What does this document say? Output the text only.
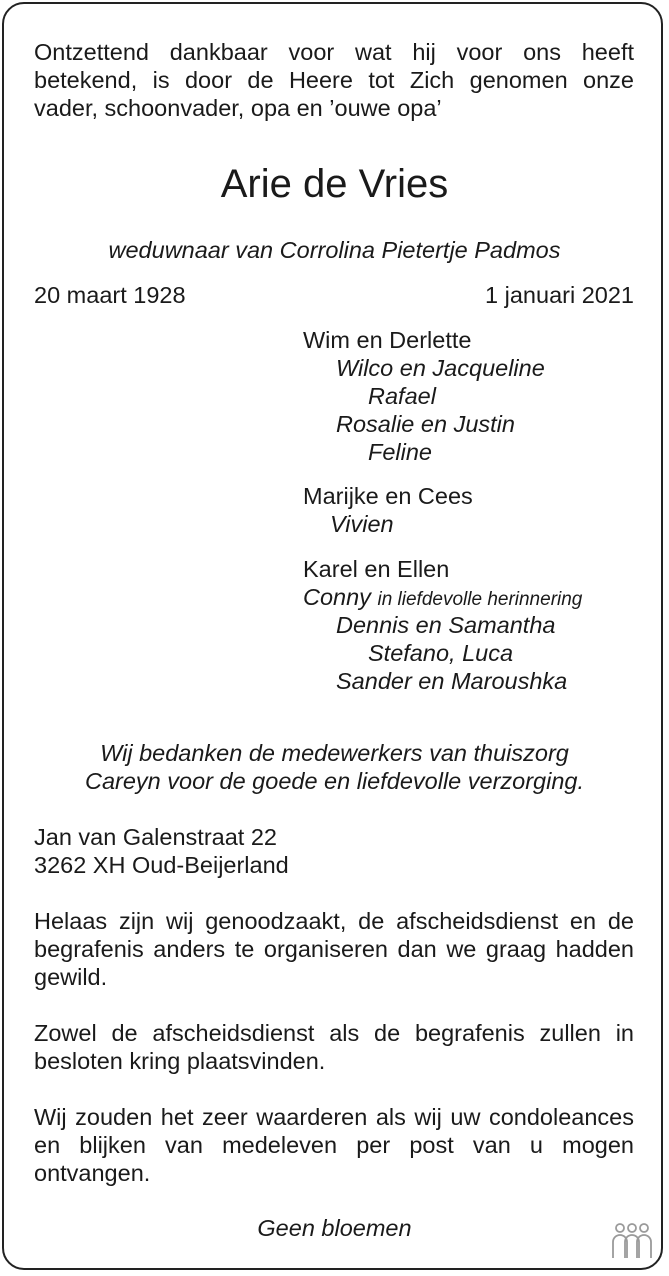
Ontzettend dankbaar voor wat hij voor ons heeft
betekend, is door de Heere tot Zich genomen onze
vader, schoonvader, opa en ’ouwe opa’
Arie de Vries
weduwnaar van Corrolina Pietertje Padmos
20 maart 1928	1 januari 2021
Wim en Derlette
Wilco en Jacqueline
Rafael
Rosalie en Justin
Feline
Marijke en Cees
Vivien
Karel en Ellen
Conny in liefdevolle herinnering
Dennis en Samantha
Stefano, Luca
Sander en Maroushka
Wij bedanken de medewerkers van thuiszorg
Careyn voor de goede en liefdevolle verzorging.
Jan van Galenstraat 22
3262 XH Oud-Beijerland
Helaas zijn wij genoodzaakt, de afscheidsdienst en de begrafenis anders te organiseren dan we graag hadden gewild.
Zowel de afscheidsdienst als de begrafenis zullen in besloten kring plaatsvinden.
Wij zouden het zeer waarderen als wij uw condoleances en blijken van medeleven per post van u mogen ontvangen.
Geen bloemen
